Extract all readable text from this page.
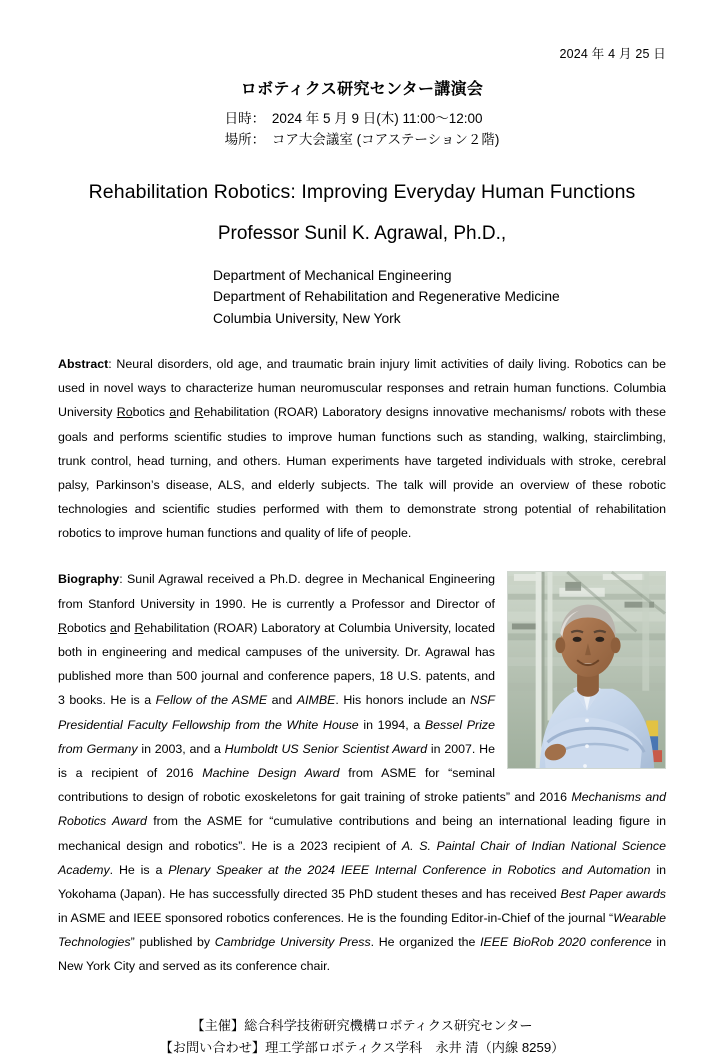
2024 年 4 月 25 日
ロボティクス研究センター講演会
日時：　 2024 年 5 月 9 日(木) 11:00〜12:00
場所：　 コア大会議室 (コアステーション２階)
Rehabilitation Robotics: Improving Everyday Human Functions
Professor Sunil K. Agrawal, Ph.D.,
Department of Mechanical Engineering
Department of Rehabilitation and Regenerative Medicine
Columbia University, New York
Abstract: Neural disorders, old age, and traumatic brain injury limit activities of daily living. Robotics can be used in novel ways to characterize human neuromuscular responses and retrain human functions. Columbia University Robotics and Rehabilitation (ROAR) Laboratory designs innovative mechanisms/ robots with these goals and performs scientific studies to improve human functions such as standing, walking, stairclimbing, trunk control, head turning, and others. Human experiments have targeted individuals with stroke, cerebral palsy, Parkinson’s disease, ALS, and elderly subjects. The talk will provide an overview of these robotic technologies and scientific studies performed with them to demonstrate strong potential of rehabilitation robotics to improve human functions and quality of life of people.
Biography: Sunil Agrawal received a Ph.D. degree in Mechanical Engineering from Stanford University in 1990. He is currently a Professor and Director of Robotics and Rehabilitation (ROAR) Laboratory at Columbia University, located both in engineering and medical campuses of the university. Dr. Agrawal has published more than 500 journal and conference papers, 18 U.S. patents, and 3 books. He is a Fellow of the ASME and AIMBE. His honors include an NSF Presidential Faculty Fellowship from the White House in 1994, a Bessel Prize from Germany in 2003, and a Humboldt US Senior Scientist Award in 2007. He is a recipient of 2016 Machine Design Award from ASME for “seminal contributions to design of robotic exoskeletons for gait training of stroke patients” and 2016 Mechanisms and Robotics Award from the ASME for “cumulative contributions and being an international leading figure in mechanical design and robotics”. He is a 2023 recipient of A. S. Paintal Chair of Indian National Science Academy. He is a Plenary Speaker at the 2024 IEEE Internal Conference in Robotics and Automation in Yokohama (Japan). He has successfully directed 35 PhD student theses and has received Best Paper awards in ASME and IEEE sponsored robotics conferences. He is the founding Editor-in-Chief of the journal “Wearable Technologies” published by Cambridge University Press. He organized the IEEE BioRob 2020 conference in New York City and served as its conference chair.
【主催】総合科学技術研究機構ロボティクス研究センター
【お問い合わせ】理工学部ロボティクス学科　永井 清（内線 8259）
